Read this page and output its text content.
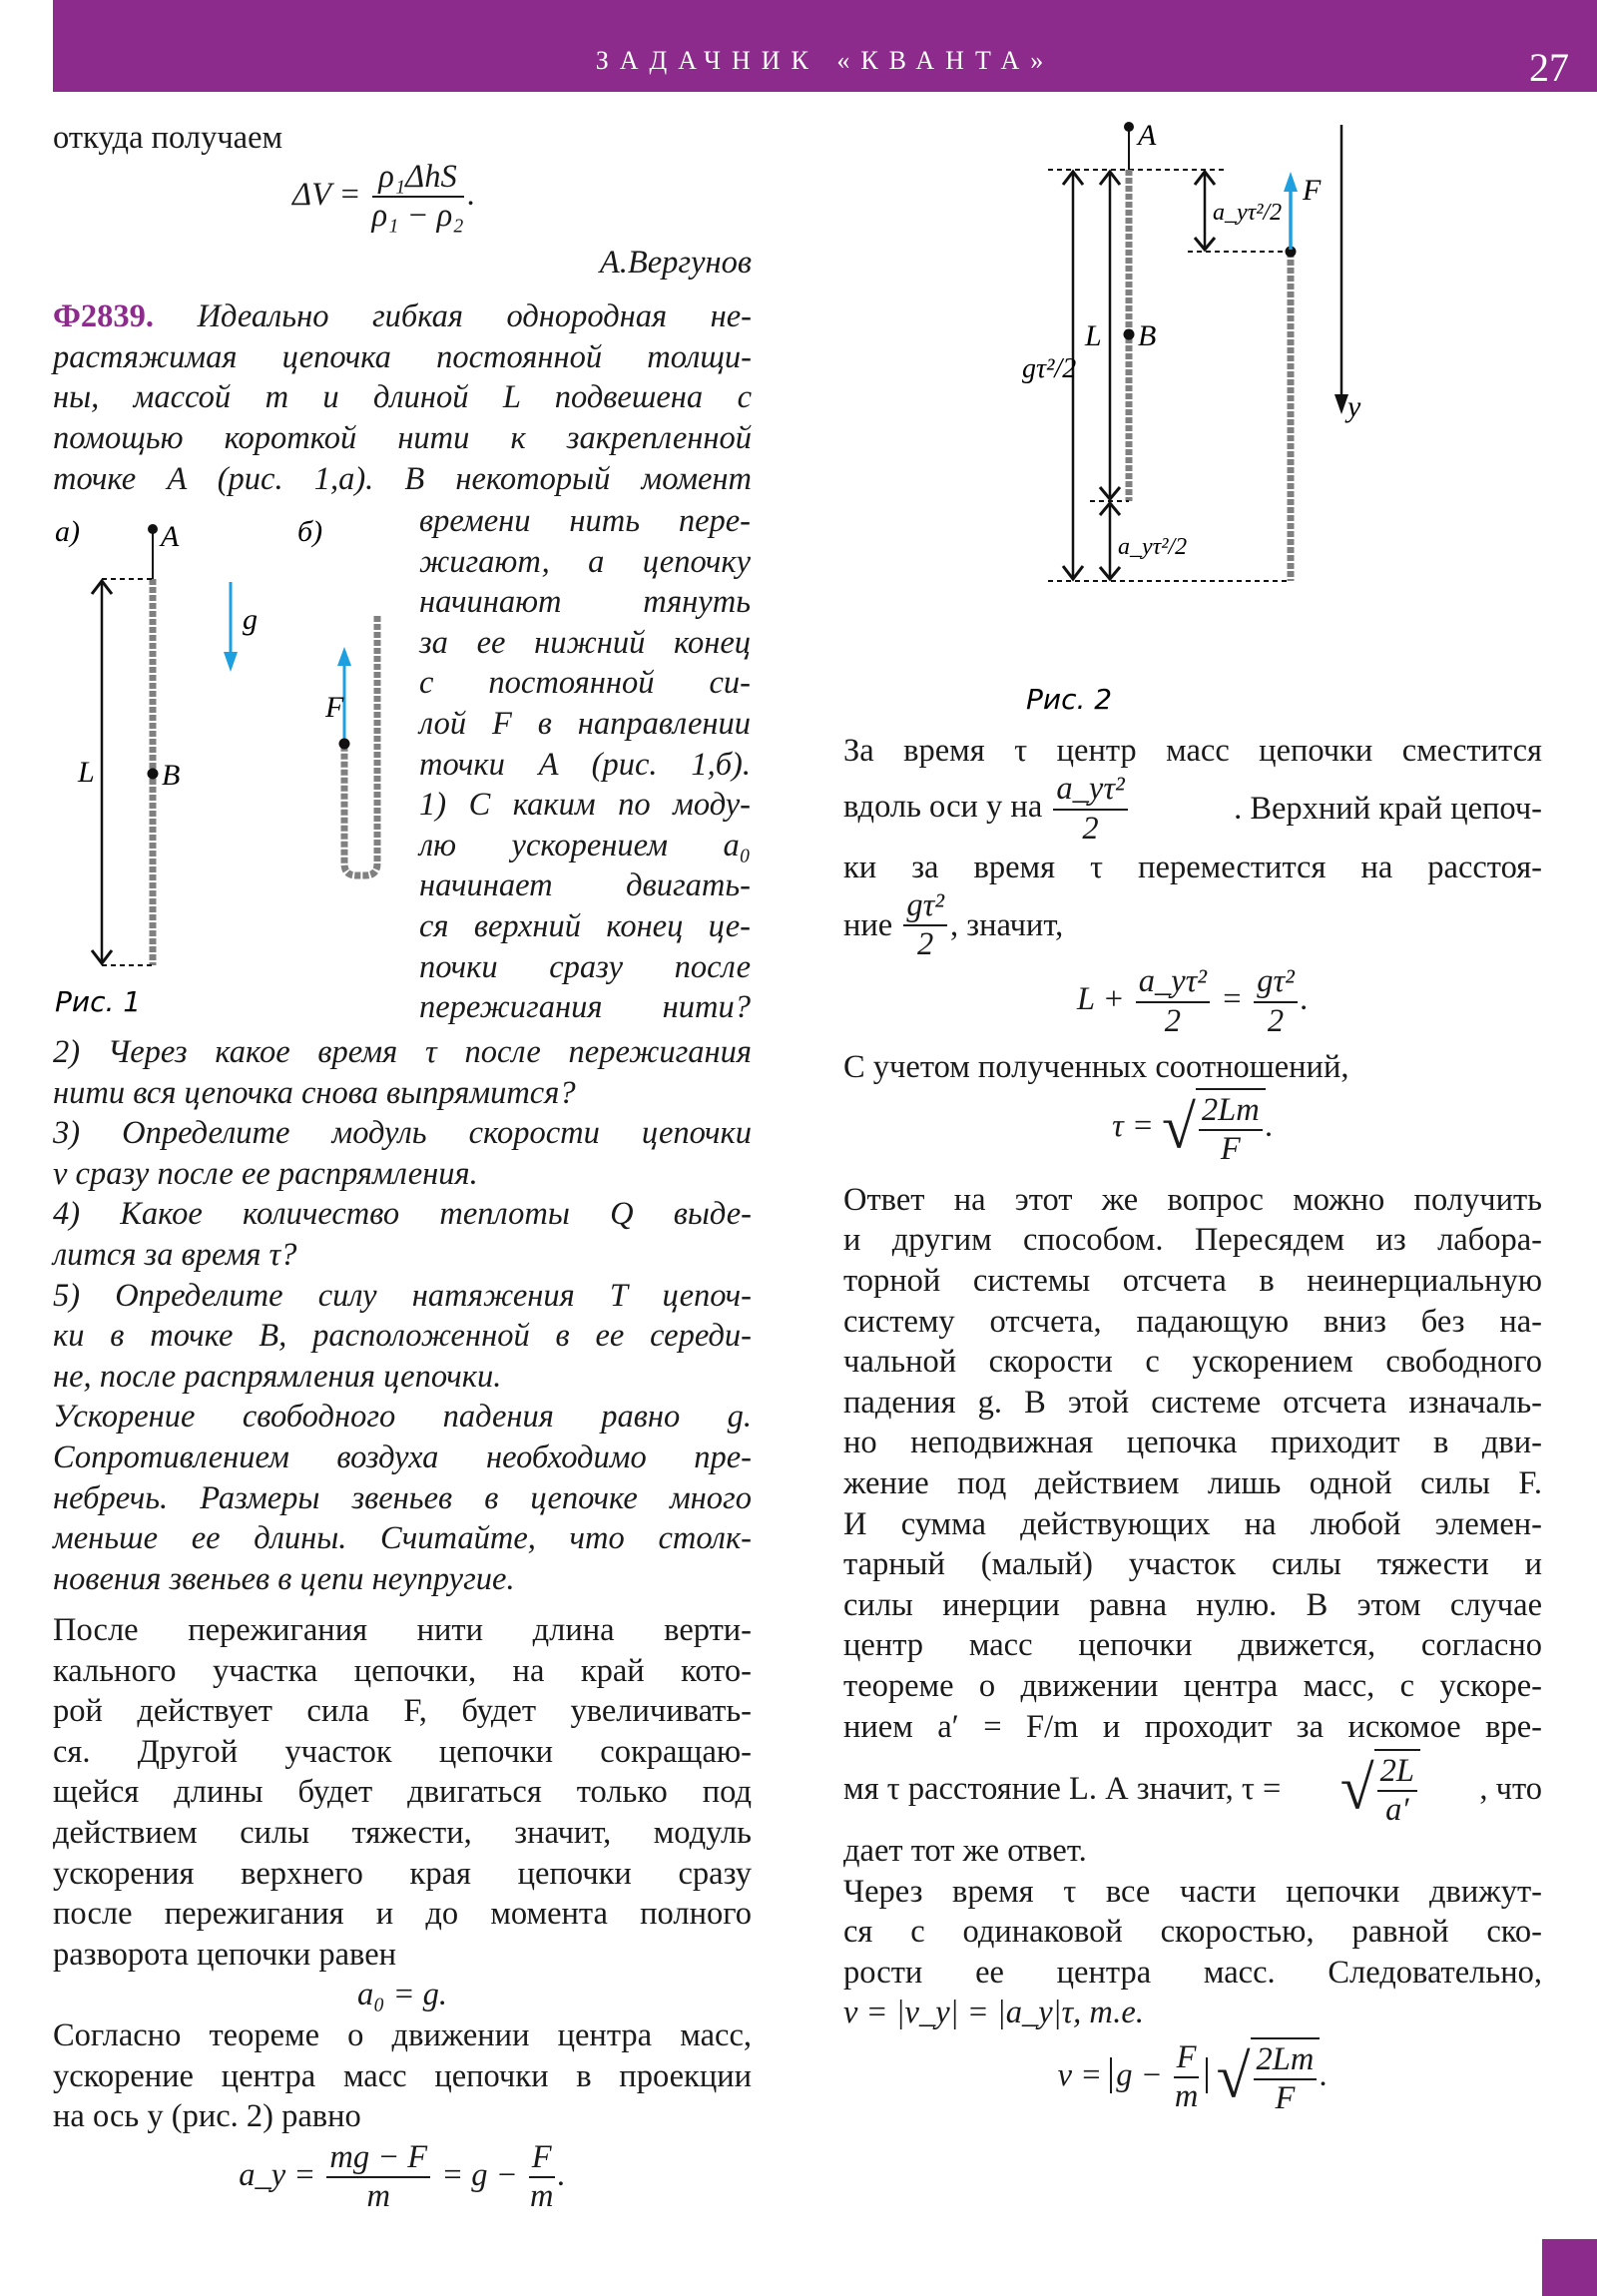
ЗАДАЧНИК «КВАНТА»	27
откуда получаем
$\Delta V = \frac{\text{ρ₁ΔhS}}{\text{ρ₁ − ρ₂}}$ .
А.Вергунов
Ф2839. Идеально гибкая однородная не-
растяжимая цепочка постоянной толщи-
ны, массой m и длиной L подвешена с
помощью короткой нити к закрепленной
точке A (рис. 1,а). В некоторый момент
а)	б)
A
L B
g
F
Рис. 1
времени нить пере-
жигают, а цепочку
начинают тянуть
за ее нижний конец
с постоянной си-
лой F в направлении
точки A (рис. 1,б).
1) С каким по моду-
лю ускорением a₀
начинает двигать-
ся верхний конец це-
почки сразу после
пережигания нити?
2) Через какое время τ после пережигания
нити вся цепочка снова выпрямится?
3) Определите модуль скорости цепочки
v сразу после ее распрямления.
4) Какое количество теплоты Q выде-
лится за время τ?
5) Определите силу натяжения T цепоч-
ки в точке B, расположенной в ее середи-
не, после распрямления цепочки.
Ускорение свободного падения равно g.
Сопротивлением воздуха необходимо пре-
небречь. Размеры звеньев в цепочке много
меньше ее длины. Считайте, что столк-
новения звеньев в цепи неупругие.
После пережигания нити длина верти-
кального участка цепочки, на край кото-
рой действует сила F, будет увеличивать-
ся. Другой участок цепочки сокращаю-
щейся длины будет двигаться только под
действием силы тяжести, значит, модуль
ускорения верхнего края цепочки сразу
после пережигания и до момента полного
разворота цепочки равен
a₀ = g.
Согласно теореме о движении центра масс,
ускорение центра масс цепочки в проекции
на ось y (рис. 2) равно
a_y = $\frac{mg - F}{m} = g - \frac{F}{m}$ .
A
B
gτ²/2
L
a_yτ²/2
a_yτ²/2
F
y
Рис. 2
За время τ центр масс цепочки сместится
вдоль оси y на $\frac{\text{a\_yτ²}}{2}$	. Верхний край цепоч-
ки за время τ переместится на расстоя-
ние
$\frac{\text{gτ²}}{2}$ , значит,
$L + \frac{\text{a\_yτ²}}{2} = \frac{\text{gτ²}}{2}$ .
С учетом полученных соотношений,
τ = √ $\frac{2Lm}{F}$ .
Ответ на этот же вопрос можно получить
и другим способом. Пересядем из лабора-
торной системы отсчета в неинерциальную
систему отсчета, падающую вниз без на-
чальной скорости с ускорением свободного
падения g. В этой системе отсчета изначаль-
но неподвижная цепочка приходит в дви-
жение под действием лишь одной силы F.
И сумма действующих на любой элемен-
тарный (малый) участок силы тяжести и
силы инерции равна нулю. В этом случае
центр масс цепочки движется, согласно
теореме о движении центра масс, с ускоре-
нием a′ = F/m и проходит за искомое вре-
мя τ расстояние L. А значит, τ = √ $\frac{2L}{a'}$ , что
дает тот же ответ.
Через время τ все части цепочки движут-
ся с одинаковой скоростью, равной ско-
рости ее центра масс. Следовательно,
v = |v_y| = |a_y|τ, т.е.
$v = g - \frac{F}{m}$ √ $\frac{2Lm}{F}$ .
